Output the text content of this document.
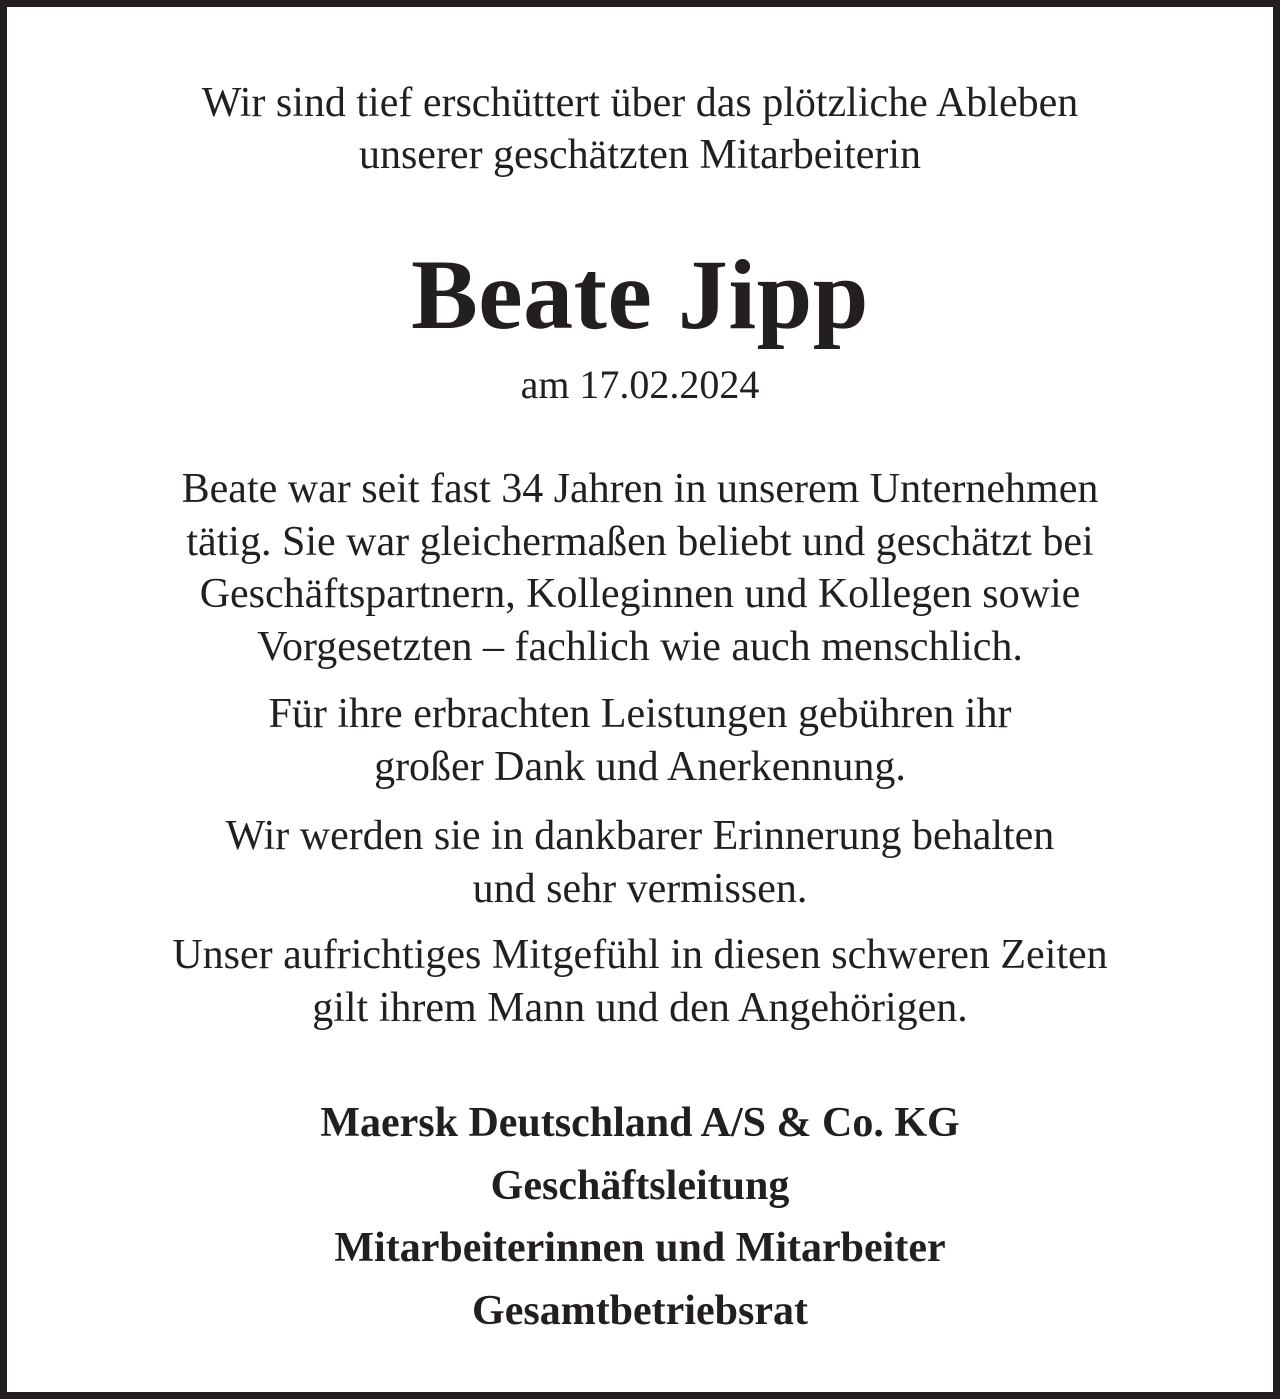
Wir sind tief erschüttert über das plötzliche Ableben
unserer geschätzten Mitarbeiterin

Beate Jipp

am 17.02.2024

Beate war seit fast 34 Jahren in unserem Unternehmen
tätig. Sie war gleichermaßen beliebt und geschätzt bei
Geschäftspartnern, Kolleginnen und Kollegen sowie
Vorgesetzten – fachlich wie auch menschlich.

Für ihre erbrachten Leistungen gebühren ihr
großer Dank und Anerkennung.

Wir werden sie in dankbarer Erinnerung behalten
und sehr vermissen.

Unser aufrichtiges Mitgefühl in diesen schweren Zeiten
gilt ihrem Mann und den Angehörigen.

Maersk Deutschland A/S & Co. KG
Geschäftsleitung
Mitarbeiterinnen und Mitarbeiter
Gesamtbetriebsrat
